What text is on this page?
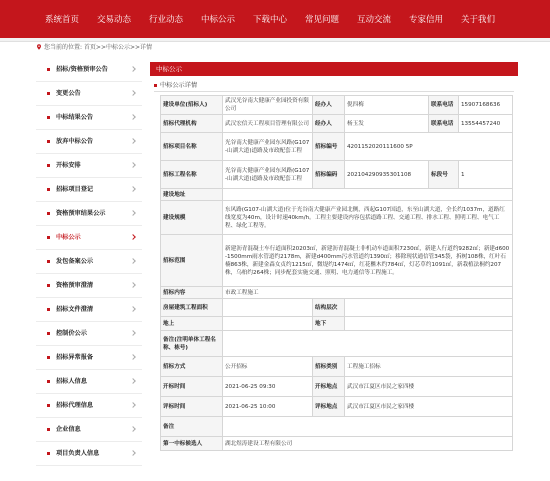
系统首页	交易动态	行业动态	中标公示	下载中心	常见问题	互动交流	专家信用	关于我们
您当前的位置: 首页>>中标公示>>详情
招标/资格预审公告
变更公告
中标结果公告
放弃中标公告
开标安排
招标项目登记
资格预审结果公示
中标公示
发包备案公示
资格预审澄清
招标文件澄清
控制价公示
招标异常报备
招标人信息
招标代理信息
企业信息
项目负责人信息
中标公示
中标公示详情
建设单位(招标人)	武汉光谷南大健康产业园投资有限公司	经办人	倪四梅	联系电话	15907168636
招标代理机构	武汉宏信天工程项目管理有限公司	经办人	杨玉发	联系电话	13554457240
招标项目名称	光谷南大健康产业园东风路(G107-山湖大道)道路及市政配套工程	招标编号	4201152020111600 5P		
招标工程名称	光谷南大健康产业园东风路(G107-山湖大道)道路及市政配套工程	招标编码	202104290935301108	标段号	1
建设地址					
建设规模	东风路(G107-山湖大道)位于光谷南大健康产业园北侧，西起G107国道，东至山湖大道，全长约1037m，道路红线宽度为40m，设计时速40km/h。工程主要建设内容包括道路工程、交通工程、排水工程、照明工程、电气工程、绿化工程等。				
招标范围	新建沥青混凝土车行道面积20203㎡，新建沥青混凝土非机动车道面积7230㎡，新建人行道约9282㎡；新建d600-1500mm雨水管道约2178m，新建d400mm污水管道约1390㎡；移除现状通信管345袋，拆树108株，红叶石楠863株，新建金森女贞约1215㎡，微堤约1474㎡，红花檵木约784㎡，灯芯草约1091㎡，新栽植法桐约207株，乌桕约264株；同步配套实施交通、照明、电力通信等工程施工。				
招标内容	市政工程施工				
房屋建筑工程面积		结构层次			
地上		地下			
备注(注明单体工程名称、栋号)					
招标方式	公开招标	招标类别	工程施工招标		
开标时间	2021-06-25 09:30	开标地点	武汉市江夏区市民之家四楼		
评标时间	2021-06-25 10:00	评标地点	武汉市江夏区市民之家四楼		
备注					
第一中标候选人	湖北煜涛建设工程有限公司				
